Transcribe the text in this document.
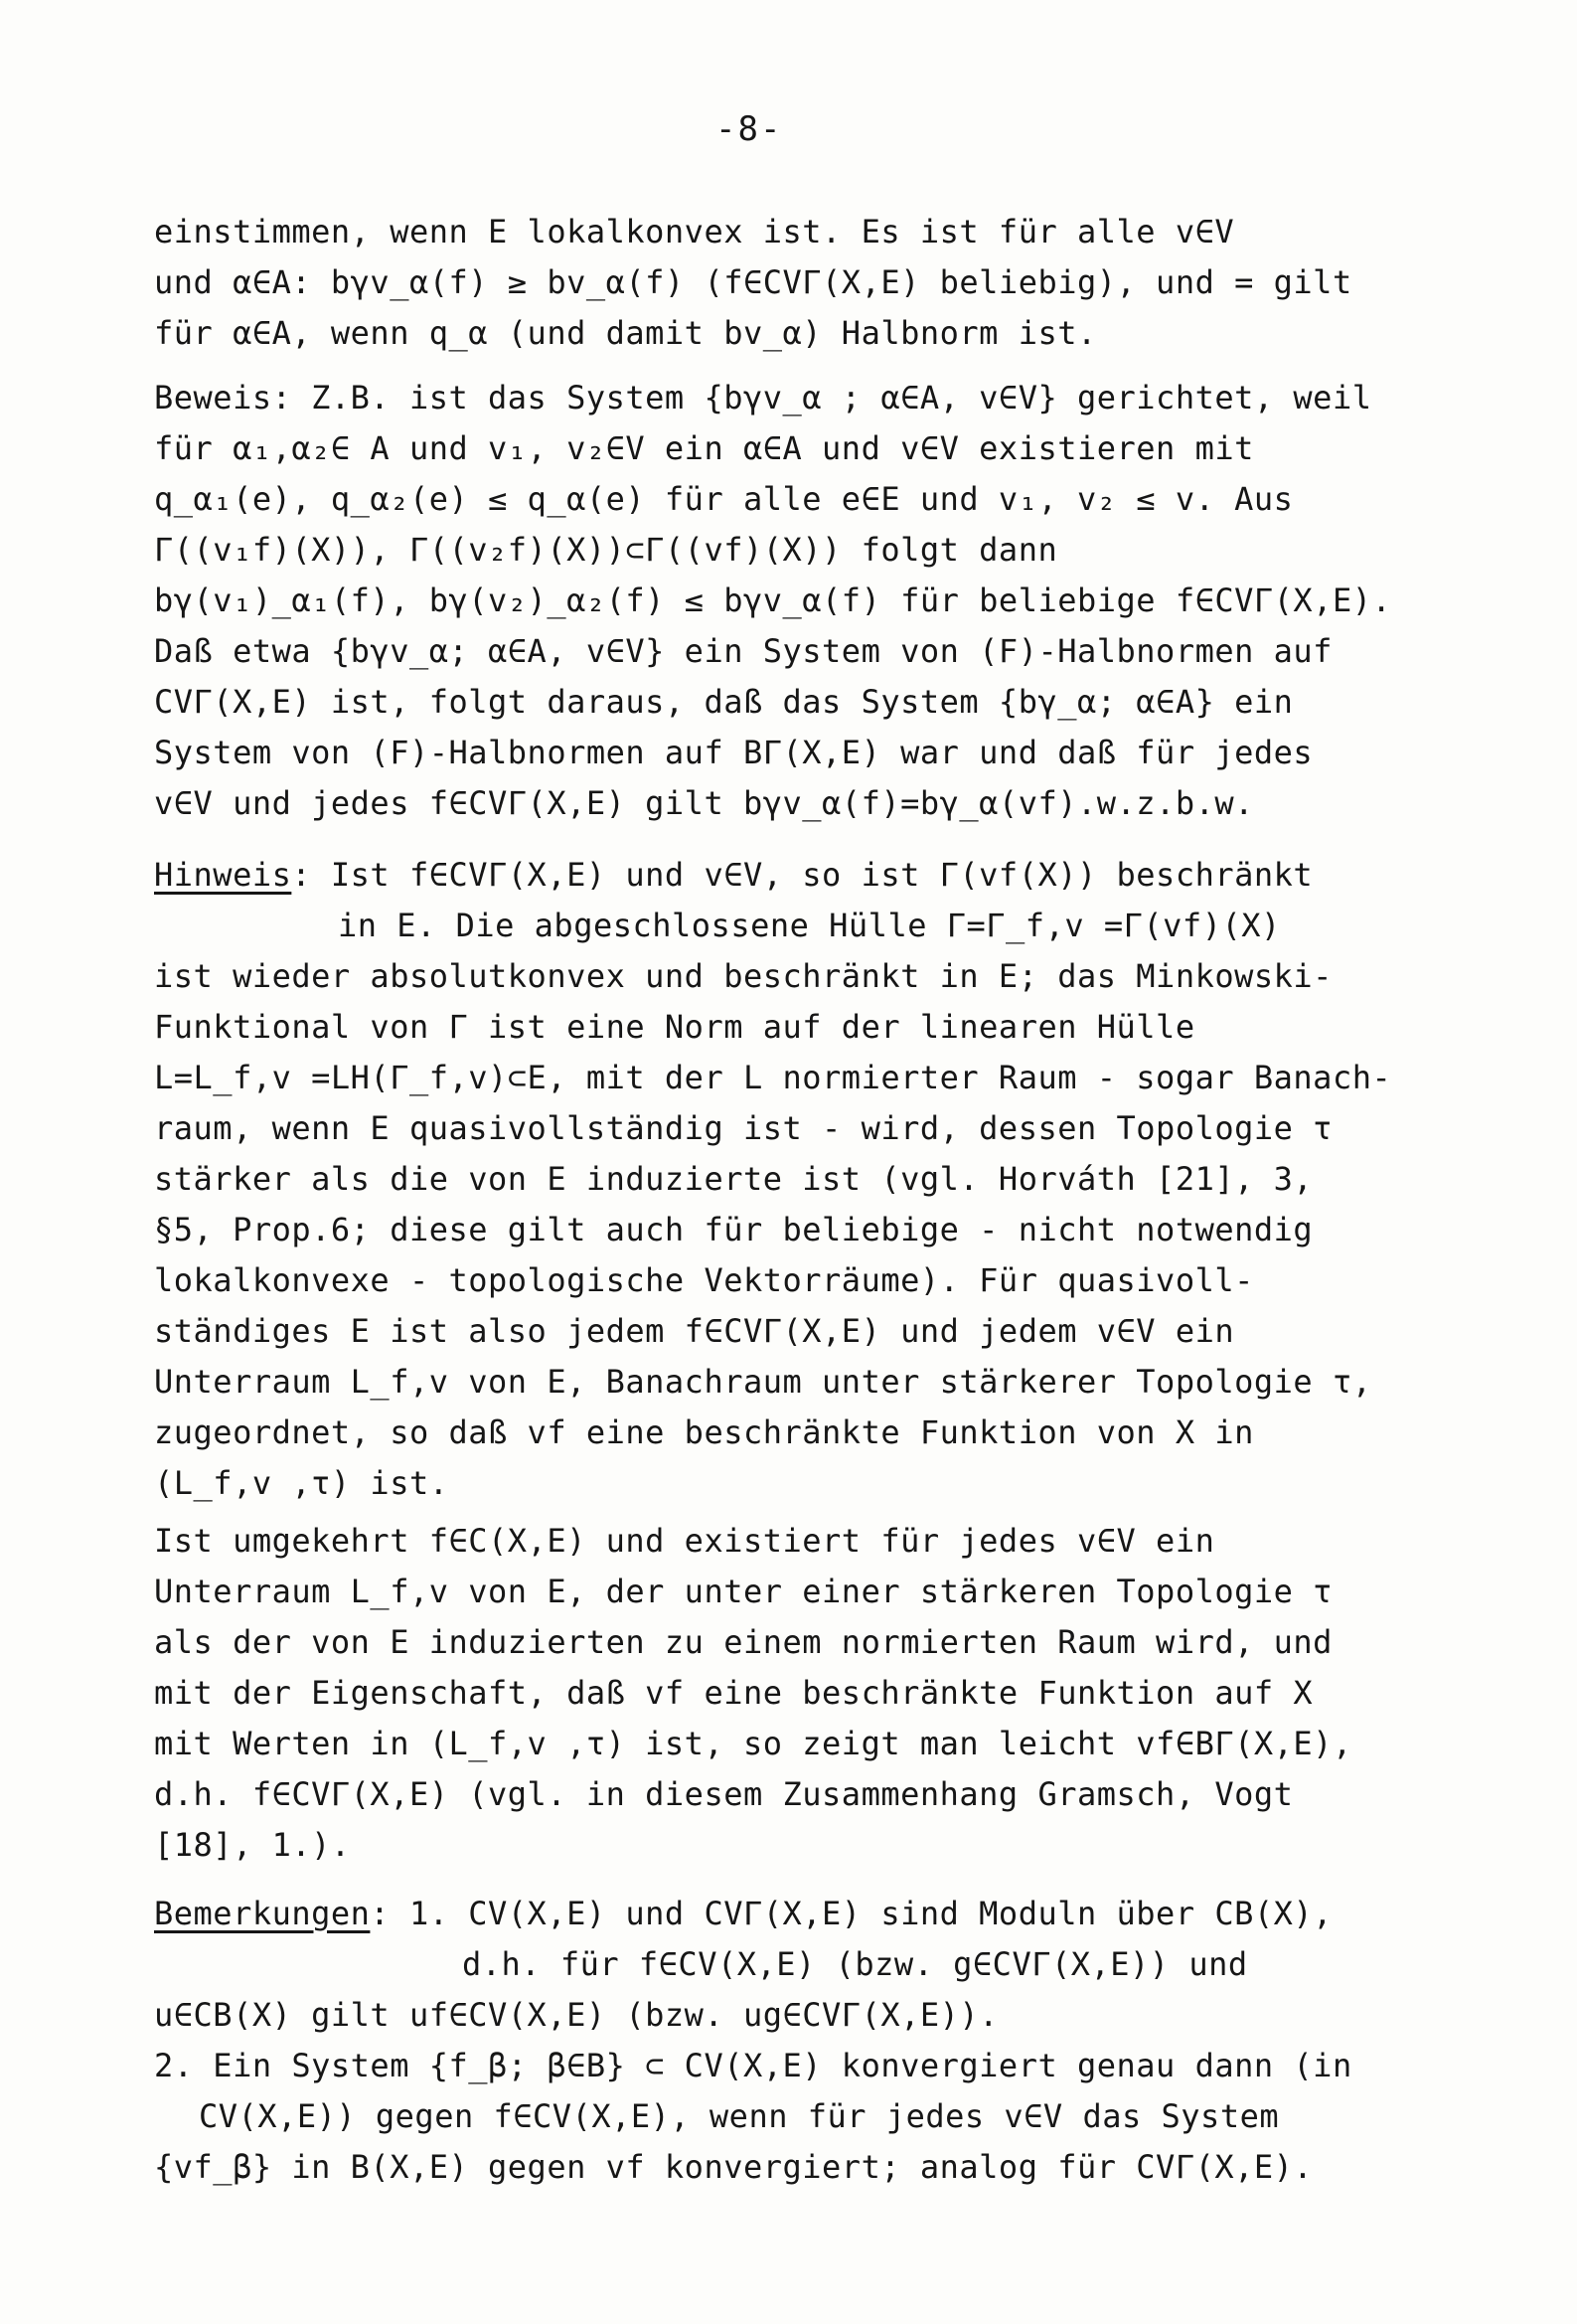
-8-
einstimmen, wenn E lokalkonvex ist. Es ist für alle v∈V
und α∈A: bγv_α(f) ≥ bv_α(f) (f∈CVΓ(X,E) beliebig), und = gilt
für α∈A, wenn q_α (und damit bv_α) Halbnorm ist.
Beweis: Z.B. ist das System {bγv_α ; α∈A, v∈V} gerichtet, weil
für α₁,α₂∈ A und v₁, v₂∈V ein α∈A und v∈V existieren mit
q_α₁(e), q_α₂(e) ≤ q_α(e) für alle e∈E und v₁, v₂ ≤ v. Aus
Γ((v₁f)(X)), Γ((v₂f)(X))⊂Γ((vf)(X)) folgt dann
bγ(v₁)_α₁(f), bγ(v₂)_α₂(f) ≤ bγv_α(f) für beliebige f∈CVΓ(X,E).
Daß etwa {bγv_α; α∈A, v∈V} ein System von (F)-Halbnormen auf
CVΓ(X,E) ist, folgt daraus, daß das System {bγ_α; α∈A} ein
System von (F)-Halbnormen auf BΓ(X,E) war und daß für jedes
v∈V und jedes f∈CVΓ(X,E) gilt bγv_α(f)=bγ_α(vf).w.z.b.w.
Hinweis: Ist f∈CVΓ(X,E) und v∈V, so ist Γ(vf(X)) beschränkt
in E. Die abgeschlossene Hülle Γ=Γ_f,v =Γ(vf)(X)
ist wieder absolutkonvex und beschränkt in E; das Minkowski-
Funktional von Γ ist eine Norm auf der linearen Hülle
L=L_f,v =LH(Γ_f,v)⊂E, mit der L normierter Raum - sogar Banach-
raum, wenn E quasivollständig ist - wird, dessen Topologie τ
stärker als die von E induzierte ist (vgl. Horváth [21], 3,
§5, Prop.6; diese gilt auch für beliebige - nicht notwendig
lokalkonvexe - topologische Vektorräume). Für quasivoll-
ständiges E ist also jedem f∈CVΓ(X,E) und jedem v∈V ein
Unterraum L_f,v von E, Banachraum unter stärkerer Topologie τ,
zugeordnet, so daß vf eine beschränkte Funktion von X in
(L_f,v ,τ) ist.
Ist umgekehrt f∈C(X,E) und existiert für jedes v∈V ein
Unterraum L_f,v von E, der unter einer stärkeren Topologie τ
als der von E induzierten zu einem normierten Raum wird, und
mit der Eigenschaft, daß vf eine beschränkte Funktion auf X
mit Werten in (L_f,v ,τ) ist, so zeigt man leicht vf∈BΓ(X,E),
d.h. f∈CVΓ(X,E) (vgl. in diesem Zusammenhang Gramsch, Vogt
[18], 1.).
Bemerkungen: 1. CV(X,E) und CVΓ(X,E) sind Moduln über CB(X),
d.h. für f∈CV(X,E) (bzw. g∈CVΓ(X,E)) und
u∈CB(X) gilt uf∈CV(X,E) (bzw. ug∈CVΓ(X,E)).
2. Ein System {f_β; β∈B} ⊂ CV(X,E) konvergiert genau dann (in
CV(X,E)) gegen f∈CV(X,E), wenn für jedes v∈V das System
{vf_β} in B(X,E) gegen vf konvergiert; analog für CVΓ(X,E).
